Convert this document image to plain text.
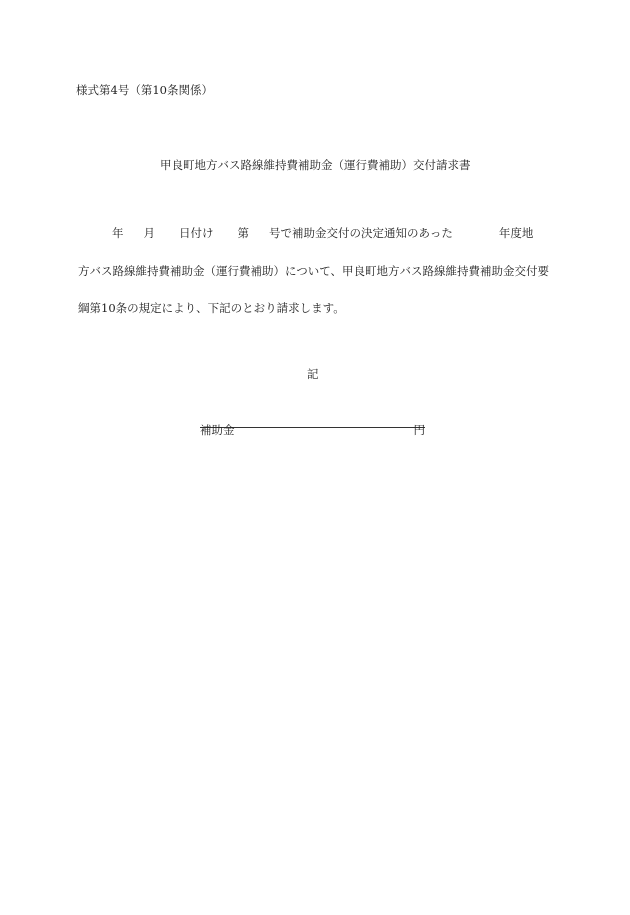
様式第4号（第10条関係）
甲良町地方バス路線維持費補助金（運行費補助）交付請求書
年 月 日付け 第 号で補助金交付の決定通知のあった	年度地
方バス路線維持費補助金（運行費補助）について、甲良町地方バス路線維持費補助金交付要
綱第10条の規定により、下記のとおり請求します。
記
補助金	円
